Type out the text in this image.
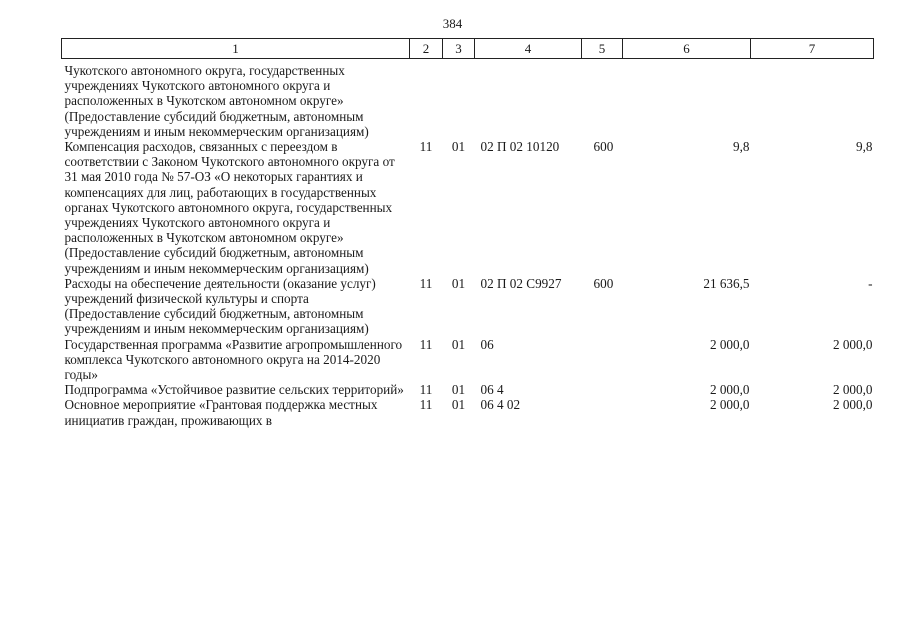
384
1	2	3	4	5	6	7
Чукотского автономного округа, государственных учреждениях Чукотского автономного округа и расположенных в Чукотском автономном округе» (Предоставление субсидий бюджетным, автономным учреждениям и иным некоммерческим организациям)						
Компенсация расходов, связанных с переездом в соответствии с Законом Чукотского автономного округа от 31 мая 2010 года № 57-ОЗ «О некоторых гарантиях и компенсациях для лиц, работающих в государственных органах Чукотского автономного округа, государственных учреждениях Чукотского автономного округа и расположенных в Чукотском автономном округе» (Предоставление субсидий бюджетным, автономным учреждениям и иным некоммерческим организациям)	11	01	02 П 02 10120	600	9,8	9,8
Расходы на обеспечение деятельности (оказание услуг) учреждений физической культуры и спорта (Предоставление субсидий бюджетным, автономным учреждениям и иным некоммерческим организациям)	11	01	02 П 02 С9927	600	21 636,5	-
Государственная программа «Развитие агропромышленного комплекса Чукотского автономного округа на 2014-2020 годы»	11	01	06		2 000,0	2 000,0
Подпрограмма «Устойчивое развитие сельских территорий»	11	01	06 4		2 000,0	2 000,0
Основное мероприятие «Грантовая поддержка местных инициатив граждан, проживающих в	11	01	06 4 02		2 000,0	2 000,0
